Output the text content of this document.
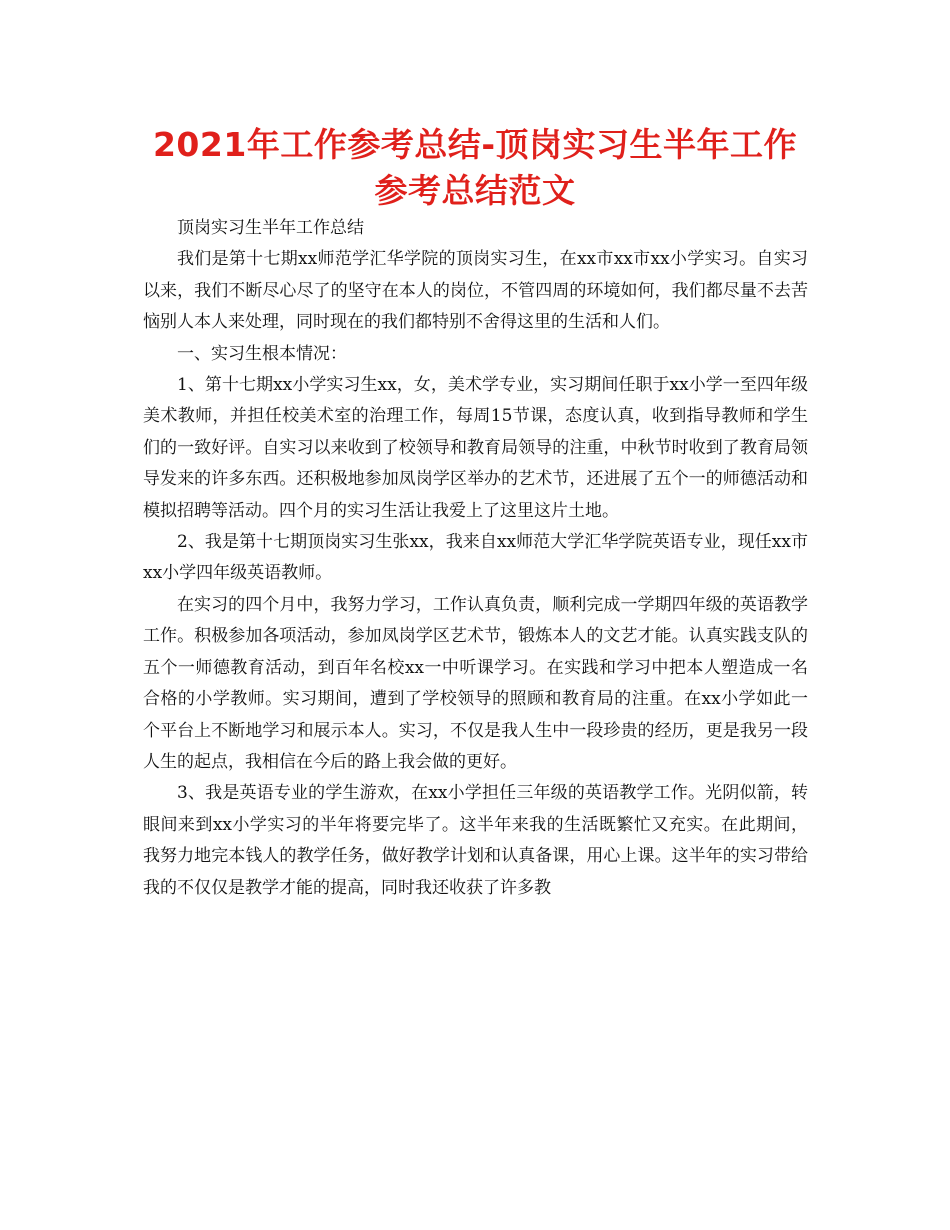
2021年工作参考总结-顶岗实习生半年工作参考总结范文

顶岗实习生半年工作总结

我们是第十七期xx师范学汇华学院的顶岗实习生，在xx市xx市xx小学实习。自实习以来，我们不断尽心尽了的坚守在本人的岗位，不管四周的环境如何，我们都尽量不去苦恼别人本人来处理，同时现在的我们都特别不舍得这里的生活和人们。

一、实习生根本情况：

1、第十七期xx小学实习生xx，女，美术学专业，实习期间任职于xx小学一至四年级美术教师，并担任校美术室的治理工作，每周15节课，态度认真，收到指导教师和学生们的一致好评。自实习以来收到了校领导和教育局领导的注重，中秋节时收到了教育局领导发来的许多东西。还积极地参加凤岗学区举办的艺术节，还进展了五个一的师德活动和模拟招聘等活动。四个月的实习生活让我爱上了这里这片土地。

2、我是第十七期顶岗实习生张xx，我来自xx师范大学汇华学院英语专业，现任xx市xx小学四年级英语教师。

在实习的四个月中，我努力学习，工作认真负责，顺利完成一学期四年级的英语教学工作。积极参加各项活动，参加凤岗学区艺术节，锻炼本人的文艺才能。认真实践支队的五个一师德教育活动，到百年名校xx一中听课学习。在实践和学习中把本人塑造成一名合格的小学教师。实习期间，遭到了学校领导的照顾和教育局的注重。在xx小学如此一个平台上不断地学习和展示本人。实习，不仅是我人生中一段珍贵的经历，更是我另一段人生的起点，我相信在今后的路上我会做的更好。

3、我是英语专业的学生游欢，在xx小学担任三年级的英语教学工作。光阴似箭，转眼间来到xx小学实习的半年将要完毕了。这半年来我的生活既繁忙又充实。在此期间，我努力地完本钱人的教学任务，做好教学计划和认真备课，用心上课。这半年的实习带给我的不仅仅是教学才能的提高，同时我还收获了许多教
